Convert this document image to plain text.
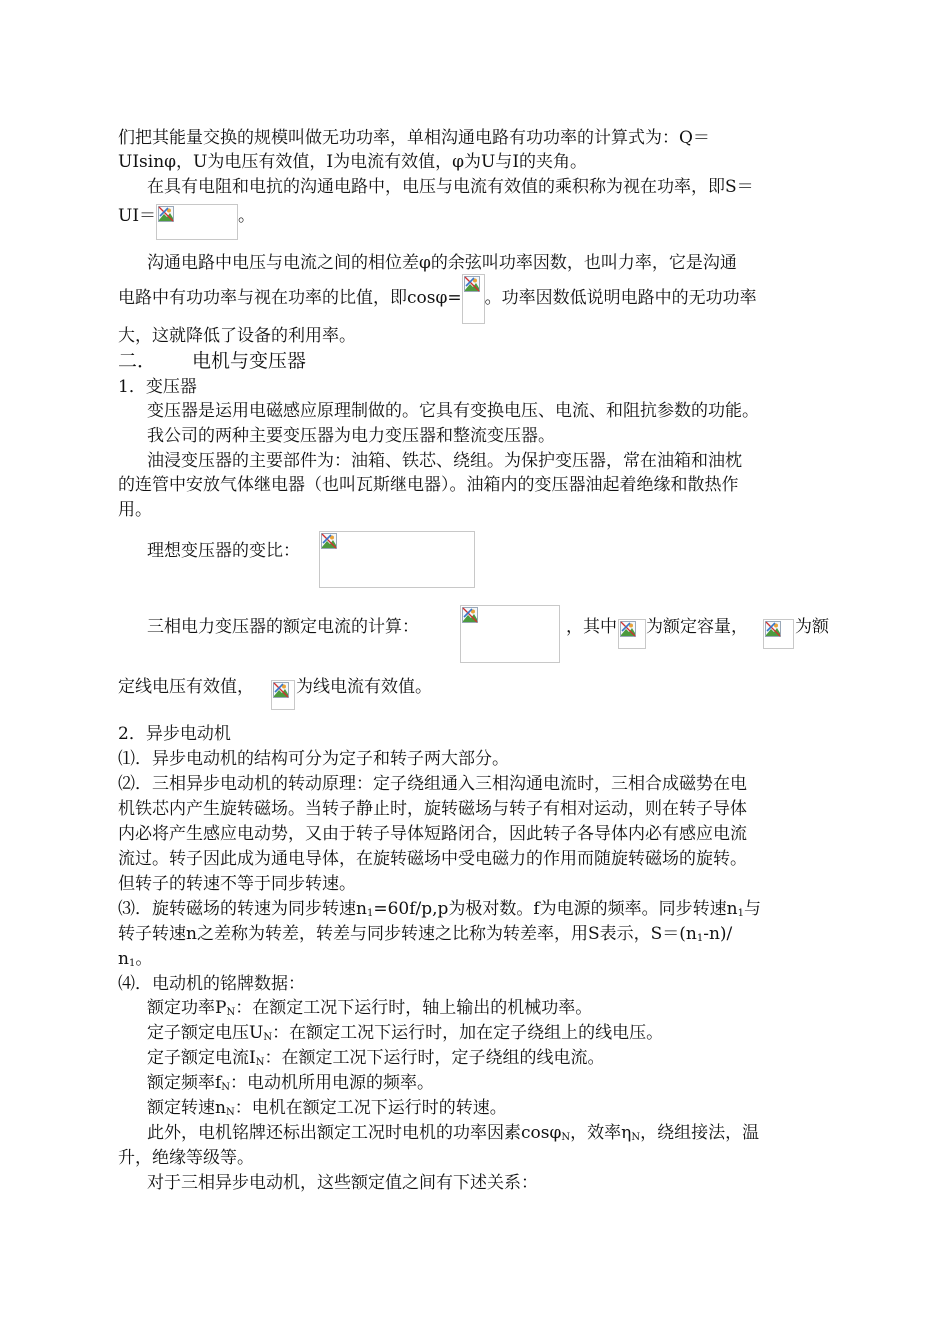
们把其能量交换的规模叫做无功功率，单相沟通电路有功功率的计算式为：Q＝
UIsinφ，U为电压有效值，I为电流有效值，φ为U与I的夹角。
在具有电阻和电抗的沟通电路中，电压与电流有效值的乘积称为视在功率，即S＝
UI＝	。
沟通电路中电压与电流之间的相位差φ的余弦叫功率因数，也叫力率，它是沟通
电路中有功功率与视在功率的比值，即cosφ= 。功率因数低说明电路中的无功功率
大，这就降低了设备的利用率。
二． 电机与变压器
1．变压器
变压器是运用电磁感应原理制做的。它具有变换电压、电流、和阻抗参数的功能。
我公司的两种主要变压器为电力变压器和整流变压器。
油浸变压器的主要部件为：油箱、铁芯、绕组。为保护变压器，常在油箱和油枕
的连管中安放气体继电器（也叫瓦斯继电器）。油箱内的变压器油起着绝缘和散热作
用。
理想变压器的变比：
三相电力变压器的额定电流的计算：	，其中 为额定容量，	为额
定线电压有效值， 为线电流有效值。
2．异步电动机
⑴．异步电动机的结构可分为定子和转子两大部分。
⑵．三相异步电动机的转动原理：定子绕组通入三相沟通电流时，三相合成磁势在电
机铁芯内产生旋转磁场。当转子静止时，旋转磁场与转子有相对运动，则在转子导体
内必将产生感应电动势，又由于转子导体短路闭合，因此转子各导体内必有感应电流
流过。转子因此成为通电导体，在旋转磁场中受电磁力的作用而随旋转磁场的旋转。
但转子的转速不等于同步转速。
⑶．旋转磁场的转速为同步转速$n_1=60f/p,p$为极对数。f为电源的频率。同步转速$n_1$与
转子转速n之差称为转差，转差与同步转速之比称为转差率，用S表示，$S=(n_1-n)/$
$n_1$。
⑷．电动机的铭牌数据：
额定功率$P_N$：在额定工况下运行时，轴上输出的机械功率。
定子额定电压$U_N$：在额定工况下运行时，加在定子绕组上的线电压。
定子额定电流$I_N$：在额定工况下运行时，定子绕组的线电流。
额定频率$f_N$：电动机所用电源的频率。
额定转速$n_N$：电机在额定工况下运行时的转速。
此外，电机铭牌还标出额定工况时电机的功率因素cosφ$_N$，效率$\eta_N$，绕组接法，温
升，绝缘等级等。
对于三相异步电动机，这些额定值之间有下述关系：
